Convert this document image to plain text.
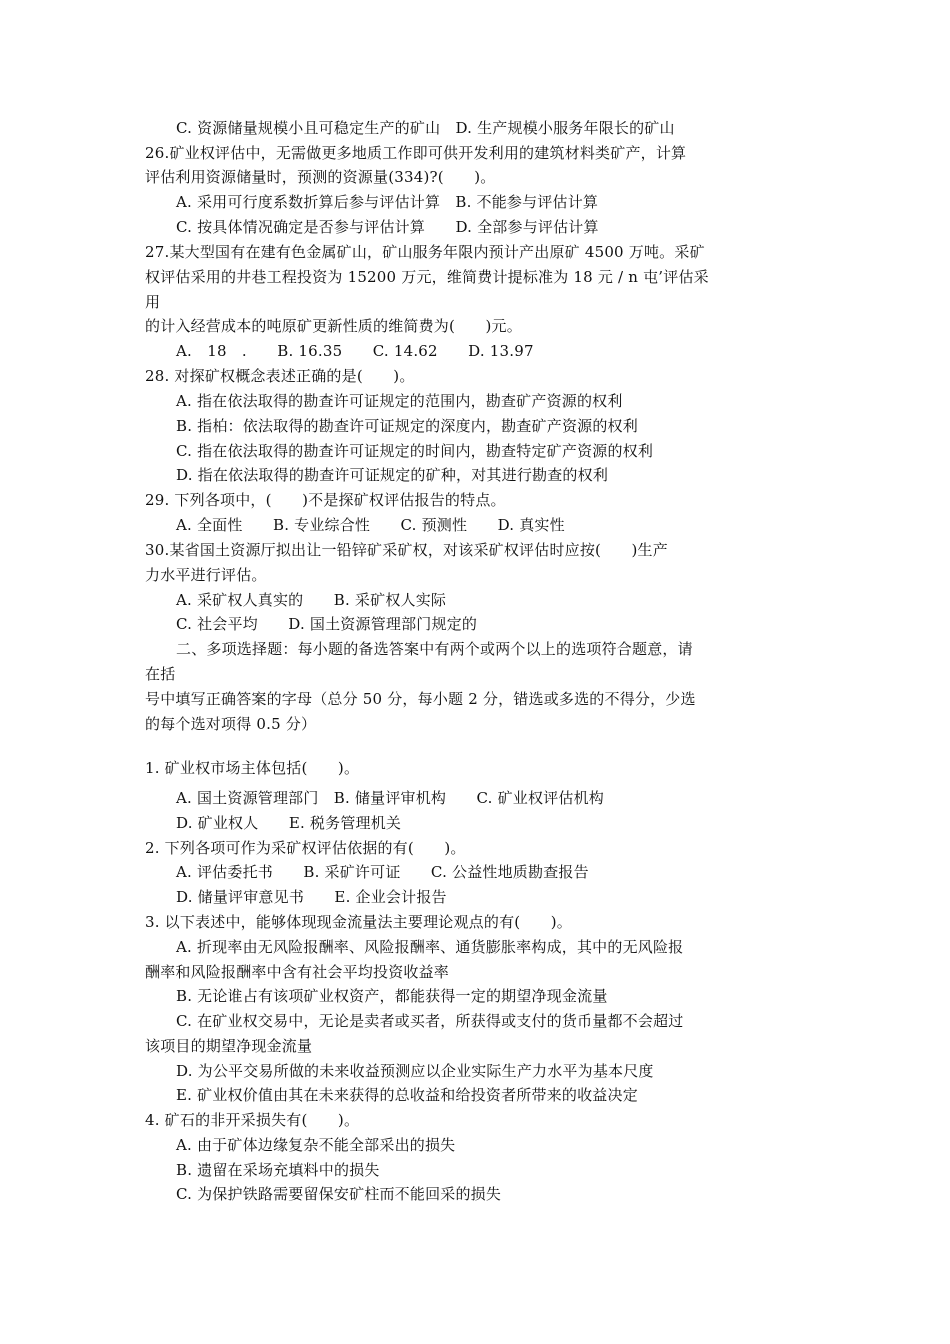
C. 资源储量规模小且可稳定生产的矿山　D. 生产规模小服务年限长的矿山
26.矿业权评估中，无需做更多地质工作即可供开发利用的建筑材料类矿产，计算
评估利用资源储量时，预测的资源量(334)?(　　)。
A. 采用可行度系数折算后参与评估计算　B. 不能参与评估计算
C. 按具体情况确定是否参与评估计算　　D. 全部参与评估计算
27.某大型国有在建有色金属矿山，矿山服务年限内预计产出原矿 4500 万吨。采矿
权评估采用的井巷工程投资为 15200 万元，维简费计提标准为 18 元 / n 屯’评估采
用
的计入经营成本的吨原矿更新性质的维简费为(　　)元。
A.　18　.　　B. 16.35　　C. 14.62　　D. 13.97
28. 对探矿权概念表述正确的是(　　)。
A. 指在依法取得的勘查许可证规定的范围内，勘查矿产资源的权利
B. 指柏：依法取得的勘查许可证规定的深度内，勘查矿产资源的权利
C. 指在依法取得的勘查许可证规定的时间内，勘查特定矿产资源的权利
D. 指在依法取得的勘查许可证规定的矿种，对其进行勘查的权利
29. 下列各项中，(　　)不是探矿权评估报告的特点。
A. 全面性　　B. 专业综合性　　C. 预测性　　D. 真实性
30.某省国土资源厅拟出让一铅锌矿采矿权，对该采矿权评估时应按(　　)生产
力水平进行评估。
A. 采矿权人真实的　　B. 采矿权人实际
C. 社会平均　　D. 国土资源管理部门规定的
二、多项选择题：每小题的备选答案中有两个或两个以上的选项符合题意，请
在括
号中填写正确答案的字母（总分 50 分，每小题 2 分，错选或多选的不得分，少选
的每个选对项得 0.5 分）
1. 矿业权市场主体包括(　　)。
A. 国土资源管理部门　B. 储量评审机构　　C. 矿业权评估机构
D. 矿业权人　　E. 税务管理机关
2. 下列各项可作为采矿权评估依据的有(　　)。
A. 评估委托书　　B. 采矿许可证　　C. 公益性地质勘查报告
D. 储量评审意见书　　E. 企业会计报告
3. 以下表述中，能够体现现金流量法主要理论观点的有(　　)。
A. 折现率由无风险报酬率、风险报酬率、通货膨胀率构成，其中的无风险报
酬率和风险报酬率中含有社会平均投资收益率
B. 无论谁占有该项矿业权资产，都能获得一定的期望净现金流量
C. 在矿业权交易中，无论是卖者或买者，所获得或支付的货币量都不会超过
该项目的期望净现金流量
D. 为公平交易所做的未来收益预测应以企业实际生产力水平为基本尺度
E. 矿业权价值由其在未来获得的总收益和给投资者所带来的收益决定
4. 矿石的非开采损失有(　　)。
A. 由于矿体边缘复杂不能全部采出的损失
B. 遗留在采场充填料中的损失
C. 为保护铁路需要留保安矿柱而不能回采的损失
